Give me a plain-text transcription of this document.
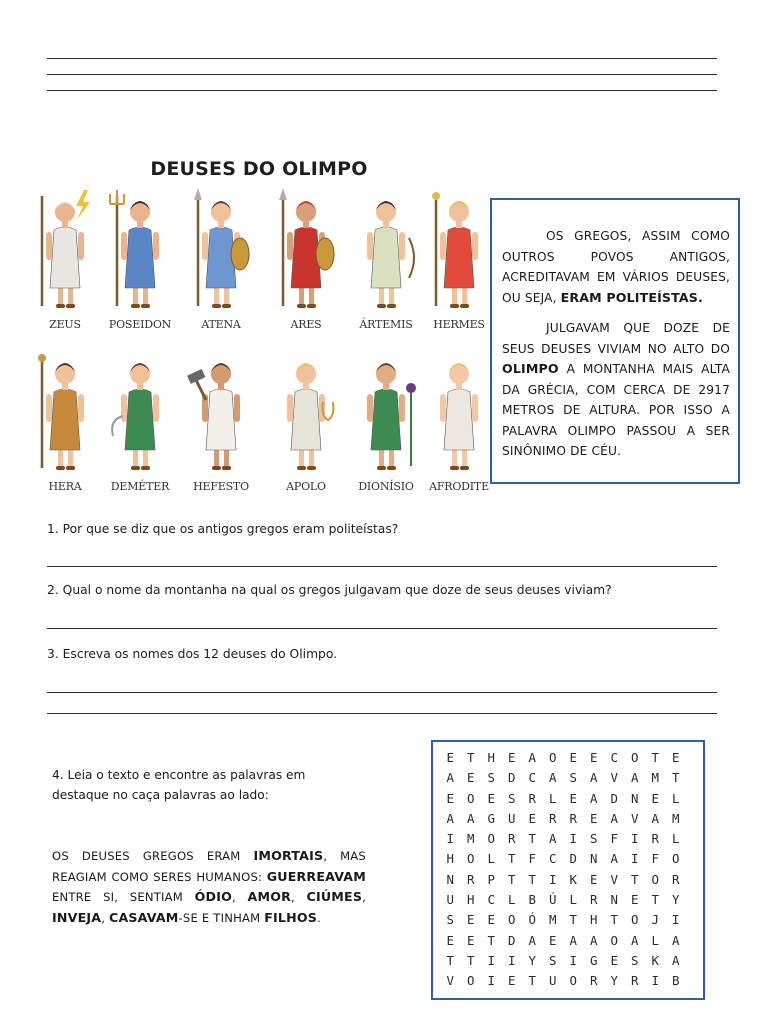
DEUSES DO OLIMPO
ZEUS	POSEIDON	ATENA	ARES	ÁRTEMIS	HERMES
HERA	DEMÉTER	HEFESTO	APOLO	DIONÍSIO	AFRODITE

OS GREGOS, ASSIM COMO OUTROS POVOS ANTIGOS, ACREDITAVAM EM VÁRIOS DEUSES, OU SEJA, ERAM POLITEÍSTAS.

JULGAVAM QUE DOZE DE SEUS DEUSES VIVIAM NO ALTO DO OLIMPO A MONTANHA MAIS ALTA DA GRÉCIA, COM CERCA DE 2917 METROS DE ALTURA. POR ISSO A PALAVRA OLIMPO PASSOU A SER SINÔNIMO DE CÉU.

1. Por que se diz que os antigos gregos eram politeístas?
2. Qual o nome da montanha na qual os gregos julgavam que doze de seus deuses viviam?
3. Escreva os nomes dos 12 deuses do Olimpo.
4. Leia o texto e encontre as palavras em destaque no caça palavras ao lado:
OS DEUSES GREGOS ERAM IMORTAIS, MAS REAGIAM COMO SERES HUMANOS: GUERREAVAM ENTRE SI, SENTIAM ÓDIO, AMOR, CIÚMES, INVEJA, CASAVAM-SE E TINHAM FILHOS.
E	T	H	E	A	O	E	E	C	O	T	E
A	E	S	D	C	A	S	A	V	A	M	T
E	O	E	S	R	L	E	A	D	N	E	L
A	A	G	U	E	R	R	E	A	V	A	M
I	M	O	R	T	A	I	S	F	I	R	L
H	O	L	T	F	C	D	N	A	I	F	O
N	R	P	T	T	I	K	E	V	T	O	R
U	H	C	L	B	Ú	L	R	N	E	T	Y
S	E	E	O	Ó	M	T	H	T	O	J	I
E	E	T	D	A	E	A	A	O	A	L	A
T	T	I	I	Y	S	I	G	E	S	K	A
V	O	I	E	T	U	O	R	Y	R	I	B
